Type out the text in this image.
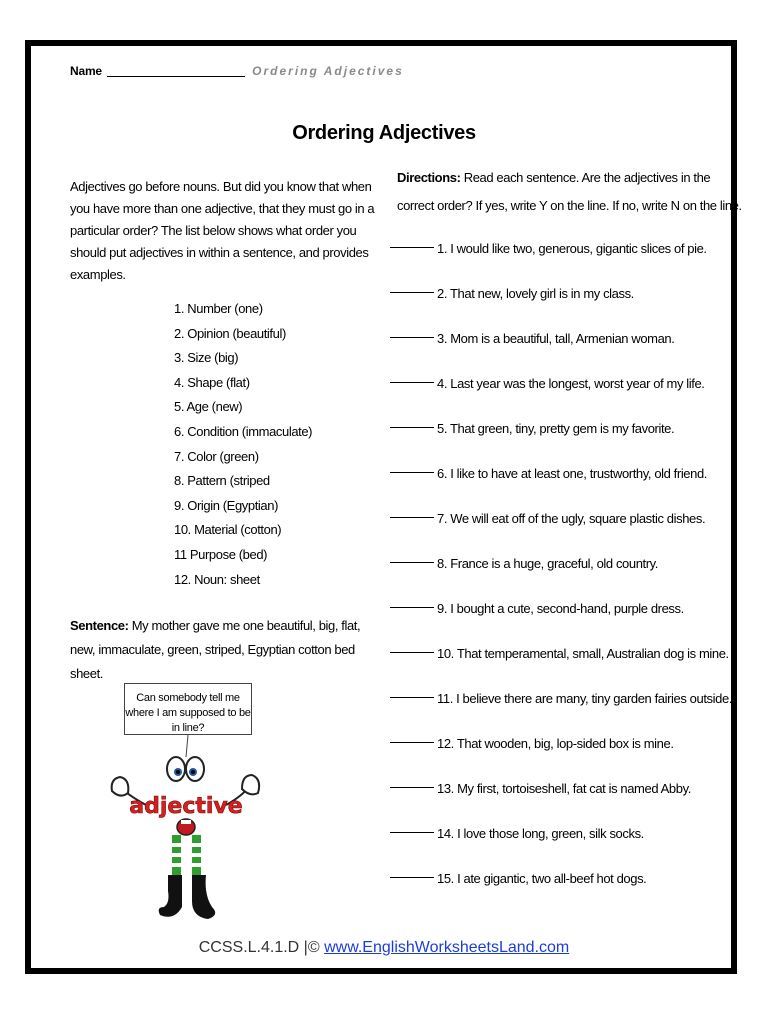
Name	Ordering Adjectives
Ordering Adjectives
Adjectives go before nouns. But did you know that when you have more than one adjective, that they must go in a particular order? The list below shows what order you should put adjectives in within a sentence, and provides examples.
1. Number (one)
2. Opinion (beautiful)
3. Size (big)
4. Shape (flat)
5. Age (new)
6. Condition (immaculate)
7. Color (green)
8. Pattern (striped
9. Origin (Egyptian)
10. Material (cotton)
11 Purpose (bed)
12. Noun: sheet
Sentence: My mother gave me one beautiful, big, flat, new, immaculate, green, striped, Egyptian cotton bed sheet.
Directions: Read each sentence. Are the adjectives in the correct order? If yes, write Y on the line. If no, write N on the line.
1. I would like two, generous, gigantic slices of pie.
2. That new, lovely girl is in my class.
3. Mom is a beautiful, tall, Armenian woman.
4. Last year was the longest, worst year of my life.
5. That green, tiny, pretty gem is my favorite.
6. I like to have at least one, trustworthy, old friend.
7. We will eat off of the ugly, square plastic dishes.
8. France is a huge, graceful, old country.
9. I bought a cute, second-hand, purple dress.
10. That temperamental, small, Australian dog is mine.
11. I believe there are many, tiny garden fairies outside.
12. That wooden, big, lop-sided box is mine.
13. My first, tortoiseshell, fat cat is named Abby.
14. I love those long, green, silk socks.
15. I ate gigantic, two all-beef hot dogs.
Can somebody tell me where I am supposed to be in line?
adjective
CCSS.L.4.1.D |© www.EnglishWorksheetsLand.com
